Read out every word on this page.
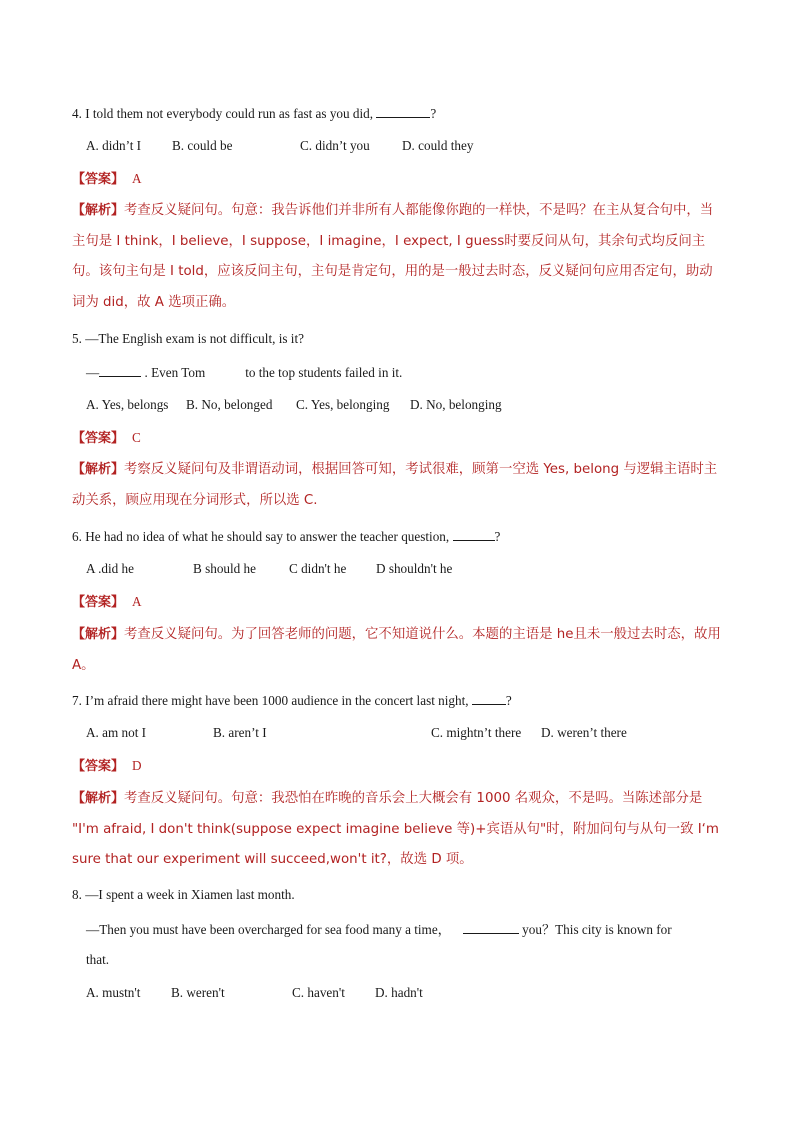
4. I told them not everybody could run as fast as you did,	?
A. didn’t I B. could be	C. didn’t you D. could they
【答案】 A
【解析】考查反义疑问句。句意：我告诉他们并非所有人都能像你跑的一样快，不是吗？在主从复合句中，当主句是 I think，I believe，I suppose，I imagine，I expect, I guess时要反问从句，其余句式均反问主句。该句主句是 I told，应该反问主句，主句是肯定句，用的是一般过去时态，反义疑问句应用否定句，助动词为 did，故 A 选项正确。
5. —The English exam is not difficult, is it?
—	. Even Tom	to the top students failed in it.
A. Yes, belongs B. No, belonged C. Yes, belonging D. No, belonging
【答案】 C
【解析】考察反义疑问句及非谓语动词，根据回答可知，考试很难，顾第一空选 Yes, belong 与逻辑主语时主动关系，顾应用现在分词形式，所以选 C.
6. He had no idea of what he should say to answer the teacher question,	?
A .did he	B should he C didn't he D shouldn't he
【答案】 A
【解析】考查反义疑问句。为了回答老师的问题，它不知道说什么。本题的主语是 he且未一般过去时态，故用 A。
7. I’m afraid there might have been 1000 audience in the concert last night,	?
A. am not I	B. aren’t I	C. mightn’t there D. weren’t there
【答案】 D
【解析】考查反义疑问句。句意：我恐怕在昨晚的音乐会上大概会有 1000 名观众，不是吗。当陈述部分是 "I'm afraid, I don't think(suppose expect imagine believe 等)+宾语从句"时，附加问句与从句一致 I‘m sure that our experiment will succeed,won't it?，故选 D 项。
8. —I spent a week in Xiamen last month.
—Then you must have been overcharged for sea food many a time，	you？This city is known for
that.
A. mustn't B. weren't	C. haven't D. hadn't
